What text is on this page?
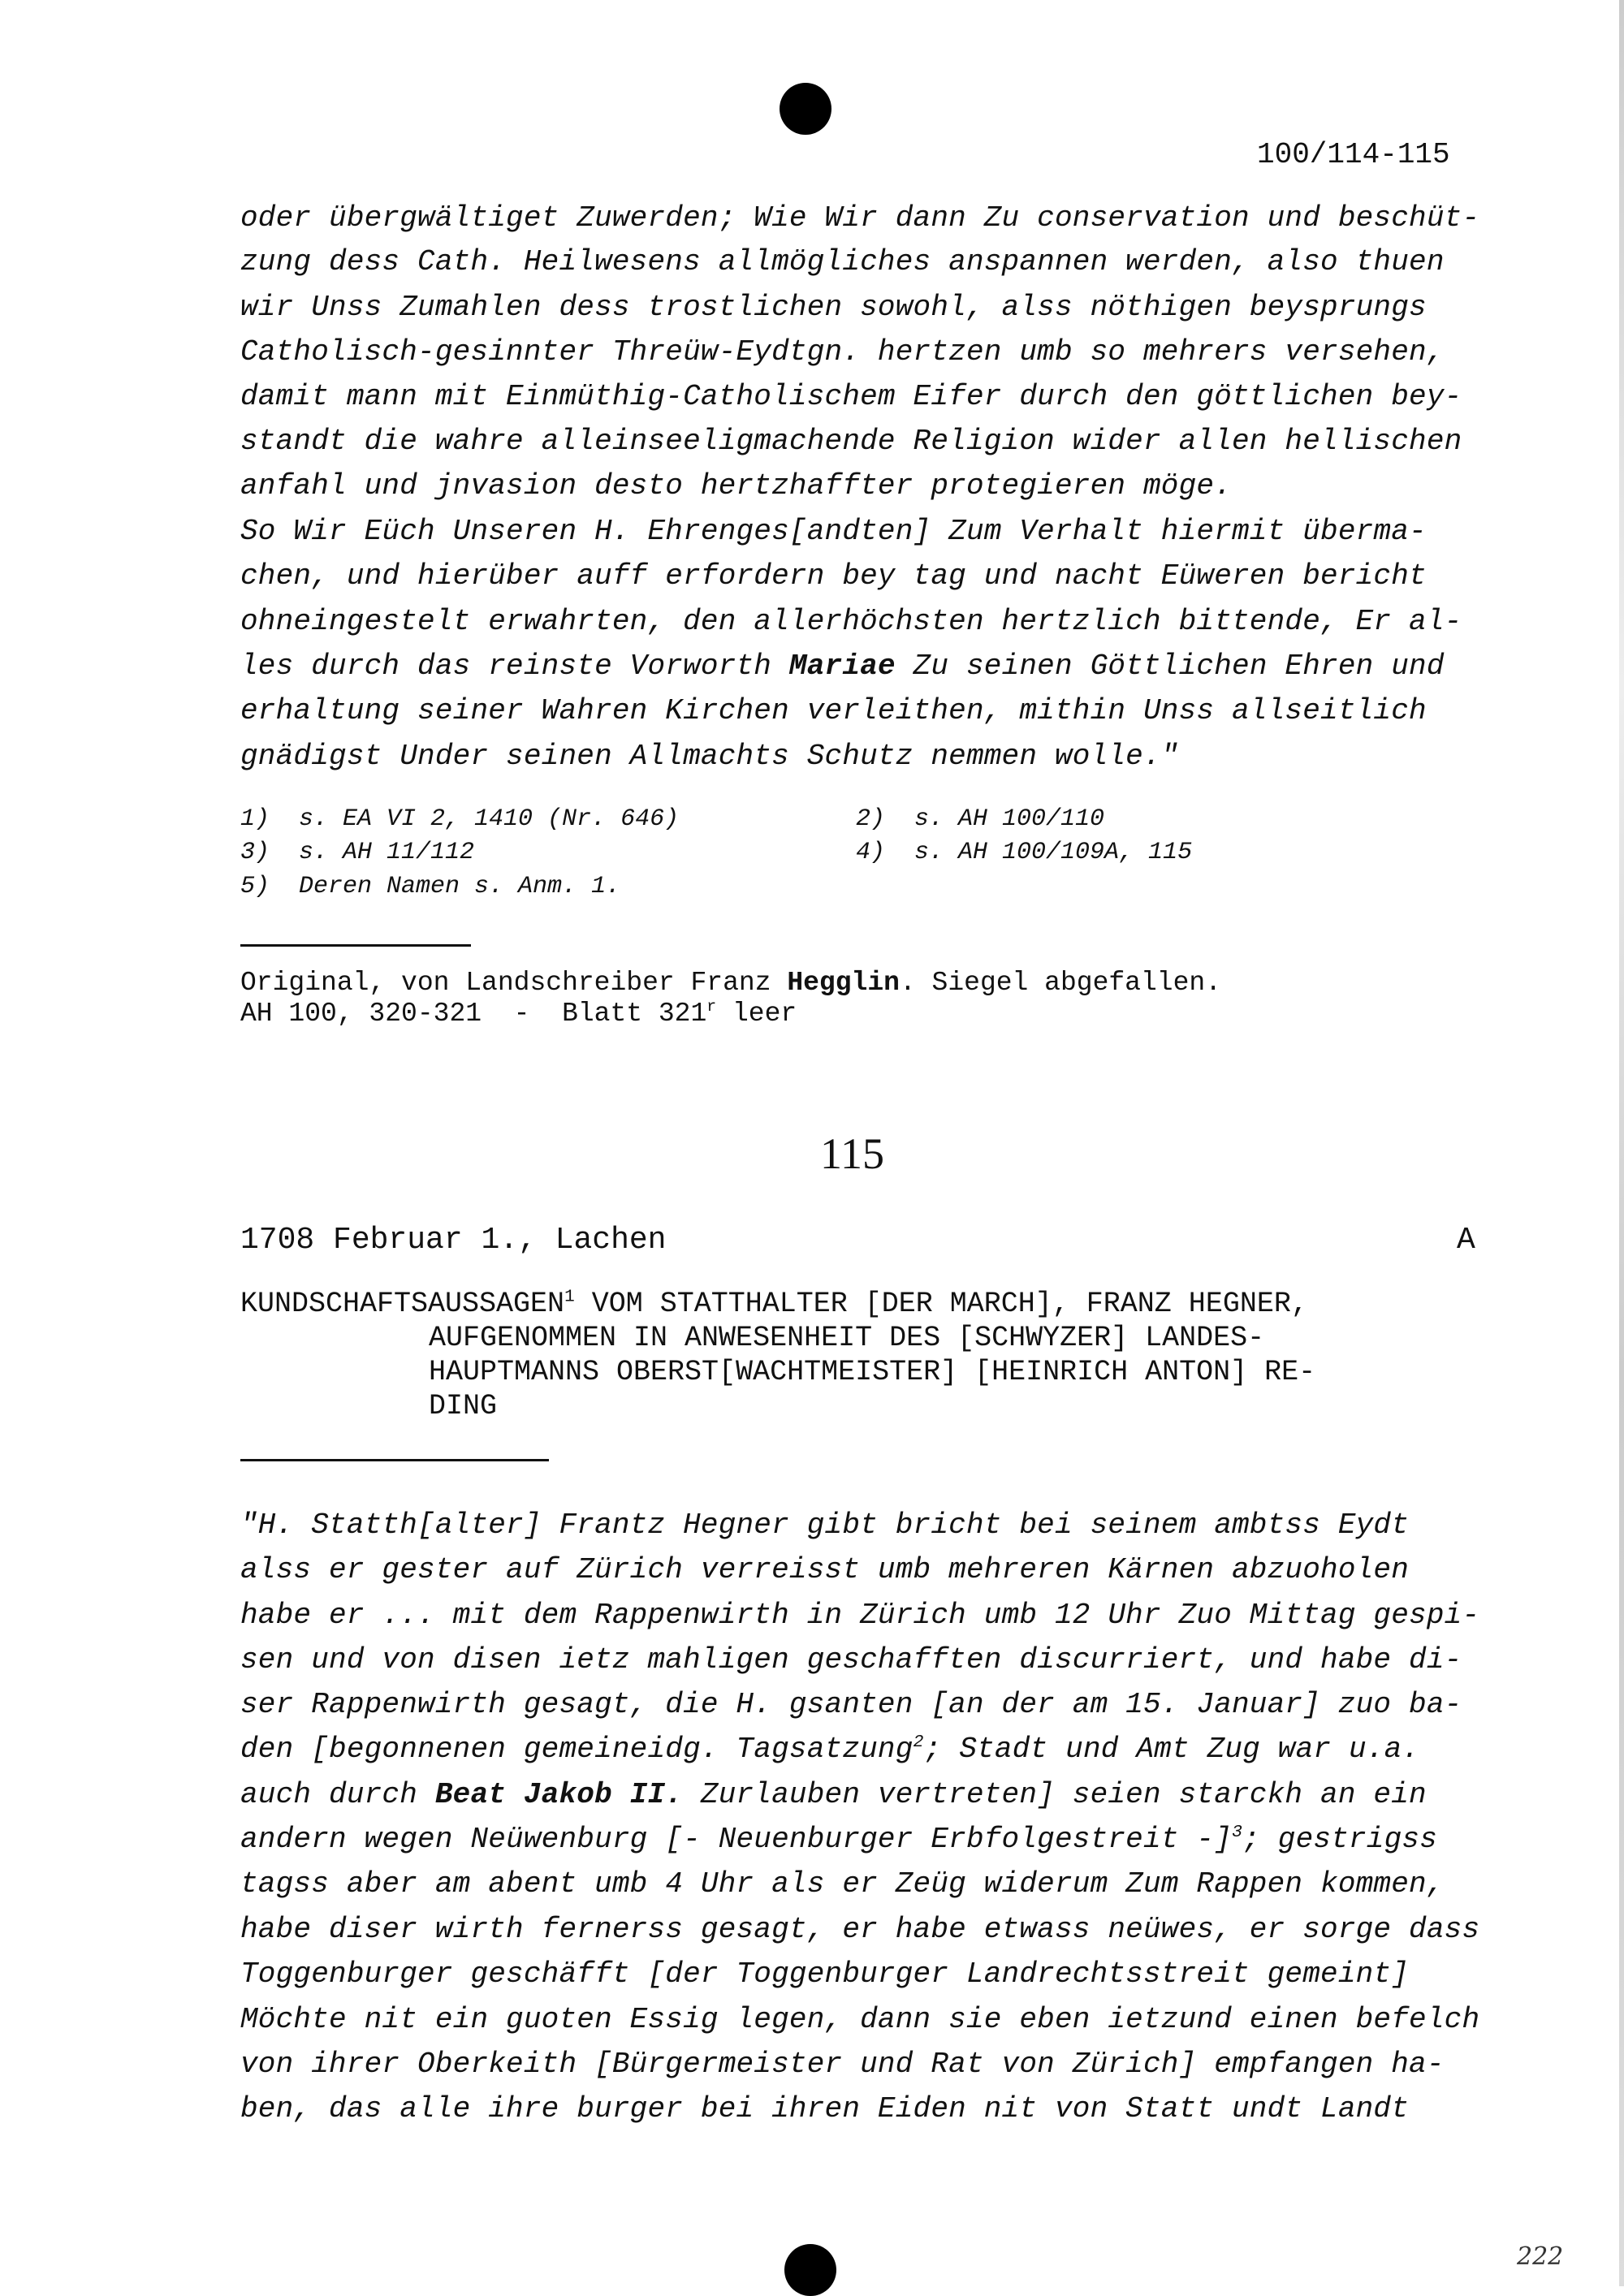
100/114-115
oder übergwältiget Zuwerden; Wie Wir dann Zu conservation und beschüt-
zung dess Cath. Heilwesens allmögliches anspannen werden, also thuen
wir Unss Zumahlen dess trostlichen sowohl, alss nöthigen beysprungs
Catholisch-gesinnter Threüw-Eydtgn. hertzen umb so mehrers versehen,
damit mann mit Einmüthig-Catholischem Eifer durch den göttlichen bey-
standt die wahre alleinseeligmachende Religion wider allen hellischen
anfahl und jnvasion desto hertzhaffter protegieren möge.
So Wir Eüch Unseren H. Ehrenges[andten] Zum Verhalt hiermit überma-
chen, und hierüber auff erfordern bey tag und nacht Eüweren bericht
ohneingestelt erwahrten, den allerhöchsten hertzlich bittende, Er al-
les durch das reinste Vorworth Mariae Zu seinen Göttlichen Ehren und
erhaltung seiner Wahren Kirchen verleithen, mithin Unss allseitlich
gnädigst Under seinen Allmachts Schutz nemmen wolle."
1)  s. EA VI 2, 1410 (Nr. 646)	2)  s. AH 100/110
3)  s. AH 11/112	4)  s. AH 100/109A, 115
5)  Deren Namen s. Anm. 1.
Original, von Landschreiber Franz Hegglin. Siegel abgefallen.
AH 100, 320-321  -  Blatt 321$^r$ leer
115
1708 Februar 1., Lachen	A
KUNDSCHAFTSAUSSAGEN$^1$ VOM STATTHALTER [DER MARCH], FRANZ HEGNER,
AUFGENOMMEN IN ANWESENHEIT DES [SCHWYZER] LANDES-
HAUPTMANNS OBERST[WACHTMEISTER] [HEINRICH ANTON] RE-
DING
"H. Statth[alter] Frantz Hegner gibt bricht bei seinem ambtss Eydt
alss er gester auf Zürich verreisst umb mehreren Kärnen abzuoholen
habe er ... mit dem Rappenwirth in Zürich umb 12 Uhr Zuo Mittag gespi-
sen und von disen ietz mahligen geschafften discurriert, und habe di-
ser Rappenwirth gesagt, die H. gsanten [an der am 15. Januar] zuo ba-
den [begonnenen gemeineidg. Tagsatzung$^2$; Stadt und Amt Zug war u.a.
auch durch Beat Jakob II. Zurlauben vertreten] seien starckh an ein
andern wegen Neüwenburg [- Neuenburger Erbfolgestreit -]$^3$; gestrigss
tagss aber am abent umb 4 Uhr als er Zeüg widerum Zum Rappen kommen,
habe diser wirth fernerss gesagt, er habe etwass neüwes, er sorge dass
Toggenburger geschäfft [der Toggenburger Landrechtsstreit gemeint]
Möchte nit ein guoten Essig legen, dann sie eben ietzund einen befelch
von ihrer Oberkeith [Bürgermeister und Rat von Zürich] empfangen ha-
ben, das alle ihre burger bei ihren Eiden nit von Statt undt Landt
222
